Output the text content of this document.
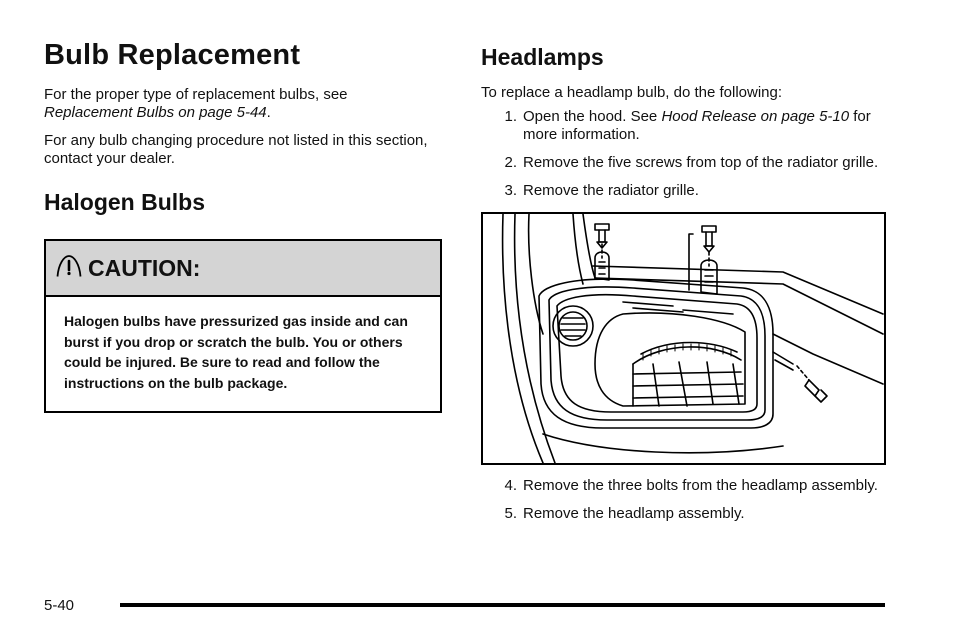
Bulb Replacement

For the proper type of replacement bulbs, see
Replacement Bulbs on page 5-44.

For any bulb changing procedure not listed in this section, contact your dealer.

Halogen Bulbs
CAUTION:
Halogen bulbs have pressurized gas inside and can burst if you drop or scratch the bulb. You or others could be injured. Be sure to read and follow the instructions on the bulb package.
Headlamps

To replace a headlamp bulb, do the following:

1. Open the hood. See Hood Release on page 5-10 for more information.
2. Remove the five screws from top of the radiator grille.
3. Remove the radiator grille.
4. Remove the three bolts from the headlamp assembly.
5. Remove the headlamp assembly.
5-40
